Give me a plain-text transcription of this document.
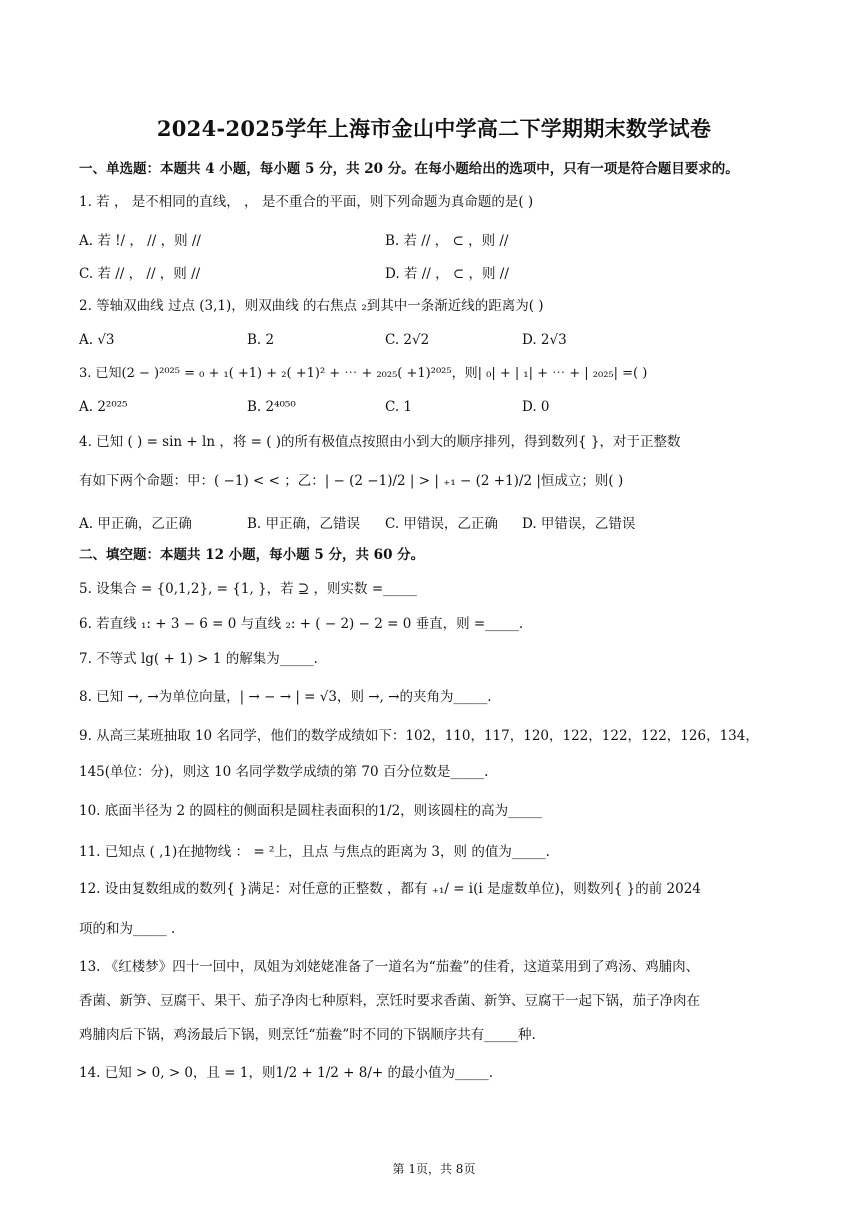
2024-2025学年上海市金山中学高二下学期期末数学试卷
一、单选题：本题共 4 小题，每小题 5 分，共 20 分。在每小题给出的选项中，只有一项是符合题目要求的。
1. 若 ， 是不相同的直线， ， 是不重合的平面，则下列命题为真命题的是( )
A. 若 !/ ， // ，则 //	B. 若 // ， ⊂ ，则 //
C. 若 // ， // ，则 //	D. 若 // ， ⊂ ，则 //
2. 等轴双曲线 过点 (3,1)，则双曲线 的右焦点 ₂到其中一条渐近线的距离为( )
A. √3	B. 2	C. 2√2	D. 2√3
3. 已知(2 − )²⁰²⁵ = ₀ + ₁( +1) + ₂( +1)² + ⋯ + ₂₀₂₅( +1)²⁰²⁵，则| ₀| + | ₁| + ⋯ + | ₂₀₂₅| =( )
A. 2²⁰²⁵	B. 2⁴⁰⁵⁰	C. 1	D. 0
4. 已知 ( ) = sin + ln ，将 = ( )的所有极值点按照由小到大的顺序排列，得到数列{ }，对于正整数
有如下两个命题：甲：( −1) < < ；乙：| − (2 −1)/2 | > | ₊₁ − (2 +1)/2 |恒成立；则( )
A. 甲正确，乙正确	B. 甲正确，乙错误 C. 甲错误，乙正确 D. 甲错误，乙错误
二、填空题：本题共 12 小题，每小题 5 分，共 60 分。
5. 设集合 = {0,1,2}, = {1, }，若 ⊇ ，则实数 =_____
6. 若直线 ₁: + 3 − 6 = 0 与直线 ₂: + ( − 2) − 2 = 0 垂直，则 =_____.
7. 不等式 lg( + 1) > 1 的解集为_____.
8. 已知 →, →为单位向量，| → − → | = √3，则 →, →的夹角为_____.
9. 从高三某班抽取 10 名同学，他们的数学成绩如下：102，110，117，120，122，122，122，126，134，
145(单位：分)，则这 10 名同学数学成绩的第 70 百分位数是_____.
10. 底面半径为 2 的圆柱的侧面积是圆柱表面积的1/2，则该圆柱的高为_____
11. 已知点 ( ,1)在抛物线 ： = ²上，且点 与焦点的距离为 3，则 的值为_____.
12. 设由复数组成的数列{ }满足：对任意的正整数 ，都有 ₊₁/ = i(i 是虚数单位)，则数列{ }的前 2024
项的和为_____ .
13. 《红楼梦》四十一回中，凤姐为刘姥姥准备了一道名为“茄鲞”的佳肴，这道菜用到了鸡汤、鸡脯肉、
香菌、新笋、豆腐干、果干、茄子净肉七种原料，烹饪时要求香菌、新笋、豆腐干一起下锅，茄子净肉在
鸡脯肉后下锅，鸡汤最后下锅，则烹饪“茄鲞”时不同的下锅顺序共有_____种.
14. 已知 > 0, > 0，且 = 1，则1/2 + 1/2 + 8/+ 的最小值为_____.
第 1页，共 8页
